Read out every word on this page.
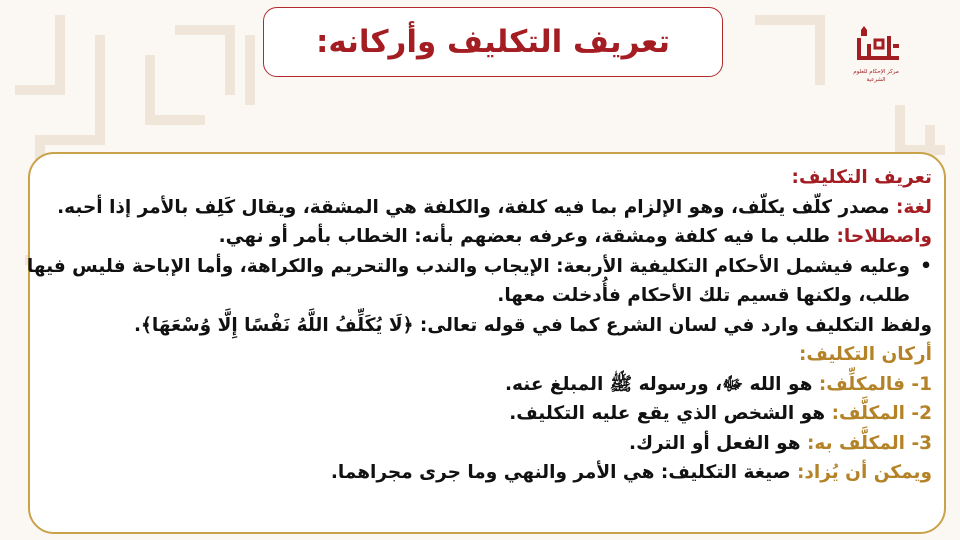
تعريف التكليف وأركانه:
مركز الإحكام للعلوم الشرعية
تعريف التكليف:
لغة: مصدر كلّف يكلّف، وهو الإلزام بما فيه كلفة، والكلفة هي المشقة، ويقال كَلِف بالأمر إذا أحبه.
واصطلاحا: طلب ما فيه كلفة ومشقة، وعرفه بعضهم بأنه: الخطاب بأمر أو نهي.
•
وعليه فيشمل الأحكام التكليفية الأربعة: الإيجاب والندب والتحريم والكراهة، وأما الإباحة فليس فيها
طلب، ولكنها قسيم تلك الأحكام فأُدخلت معها.
ولفظ التكليف وارد في لسان الشرع كما في قوله تعالى: ﴿لَا يُكَلِّفُ اللَّهُ نَفْسًا إِلَّا وُسْعَهَا﴾.
أركان التكليف:
1- فالمكلِّف: هو الله ﷻ، ورسوله ﷺ المبلغ عنه.
2- المكلَّف: هو الشخص الذي يقع عليه التكليف.
3- المكلَّف به: هو الفعل أو الترك.
ويمكن أن يُزاد: صيغة التكليف: هي الأمر والنهي وما جرى مجراهما.
